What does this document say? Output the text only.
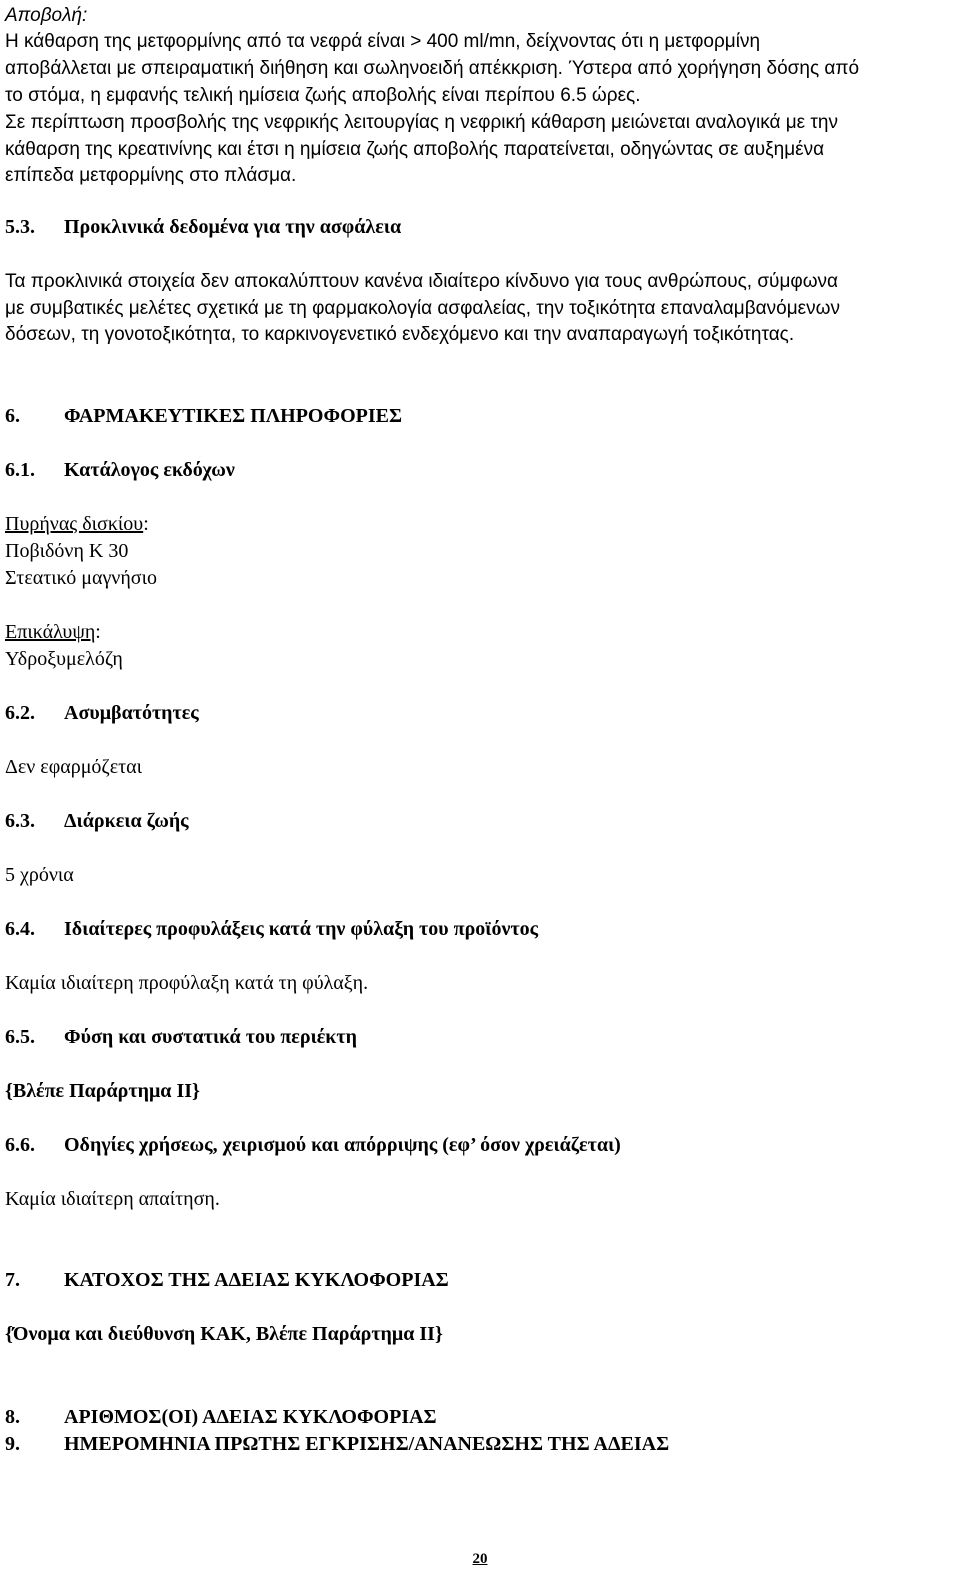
Αποβολή:
Η κάθαρση της μετφορμίνης από τα νεφρά είναι > 400 ml/mn, δείχνοντας ότι η μετφορμίνη
αποβάλλεται με σπειραματική διήθηση και σωληνοειδή απέκκριση. Ύστερα από χορήγηση δόσης από
το στόμα, η εμφανής τελική ημίσεια ζωής αποβολής είναι περίπου 6.5 ώρες.
Σε περίπτωση προσβολής της νεφρικής λειτουργίας η νεφρική κάθαρση μειώνεται αναλογικά με την
κάθαρση της κρεατινίνης και έτσι η ημίσεια ζωής αποβολής παρατείνεται, οδηγώντας σε αυξημένα
επίπεδα μετφορμίνης στο πλάσμα.
5.3. Προκλινικά δεδομένα για την ασφάλεια
Τα προκλινικά στοιχεία δεν αποκαλύπτουν κανένα ιδιαίτερο κίνδυνο για τους ανθρώπους, σύμφωνα
με συμβατικές μελέτες σχετικά με τη φαρμακολογία ασφαλείας, την τοξικότητα επαναλαμβανόμενων
δόσεων, τη γονοτοξικότητα, το καρκινογενετικό ενδεχόμενο και την αναπαραγωγή τοξικότητας.
6. ΦΑΡΜΑΚΕΥΤΙΚΕΣ ΠΛΗΡΟΦΟΡΙΕΣ
6.1. Κατάλογος εκδόχων
Πυρήνας δισκίου:
Ποβιδόνη Κ 30
Στεατικό μαγνήσιο
Επικάλυψη:
Υδροξυμελόζη
6.2. Ασυμβατότητες
Δεν εφαρμόζεται
6.3. Διάρκεια ζωής
5 χρόνια
6.4. Ιδιαίτερες προφυλάξεις κατά την φύλαξη του προϊόντος
Καμία ιδιαίτερη προφύλαξη κατά τη φύλαξη.
6.5. Φύση και συστατικά του περιέκτη
{Βλέπε Παράρτημα ΙΙ}
6.6. Οδηγίες χρήσεως, χειρισμού και απόρριψης (εφ’ όσον χρειάζεται)
Καμία ιδιαίτερη απαίτηση.
7. ΚΑΤΟΧΟΣ ΤΗΣ ΑΔΕΙΑΣ ΚΥΚΛΟΦΟΡΙΑΣ
{Όνομα και διεύθυνση ΚΑΚ, Βλέπε Παράρτημα ΙΙ}
8. ΑΡΙΘΜΟΣ(ΟΙ) ΑΔΕΙΑΣ ΚΥΚΛΟΦΟΡΙΑΣ
9. ΗΜΕΡΟΜΗΝΙΑ ΠΡΩΤΗΣ ΕΓΚΡΙΣΗΣ/ΑΝΑΝΕΩΣΗΣ ΤΗΣ ΑΔΕΙΑΣ
20
